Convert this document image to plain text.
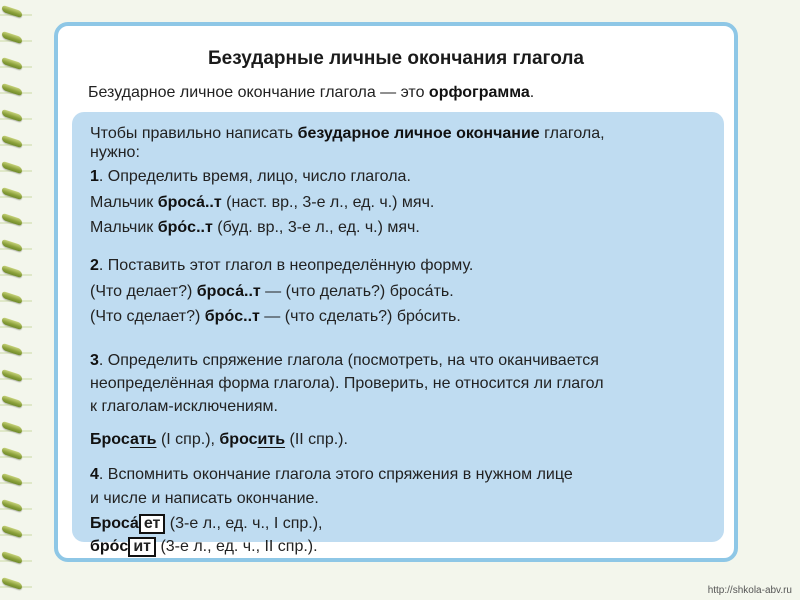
Безударные личные окончания глагола
Безударное личное окончание глагола — это орфограмма.
Чтобы правильно написать безударное личное окончание глагола,
нужно:
1. Определить время, лицо, число глагола.
Мальчик броса́..т (наст. вр., 3-е л., ед. ч.) мяч.
Мальчик бро́с..т (буд. вр., 3-е л., ед. ч.) мяч.
2. Поставить этот глагол в неопределённую форму.
(Что делает?) броса́..т — (что делать?) броса́ть.
(Что сделает?) бро́с..т — (что сделать?) бро́сить.
3. Определить спряжение глагола (посмотреть, на что оканчивается
неопределённая форма глагола). Проверить, не относится ли глагол
к глаголам-исключениям.
Бросать (I спр.), бросить (II спр.).
4. Вспомнить окончание глагола этого спряжения в нужном лице
и числе и написать окончание.
Броса́ ет (3-е л., ед. ч., I спр.),
бро́с ит (3-е л., ед. ч., II спр.).
http://shkola-abv.ru
